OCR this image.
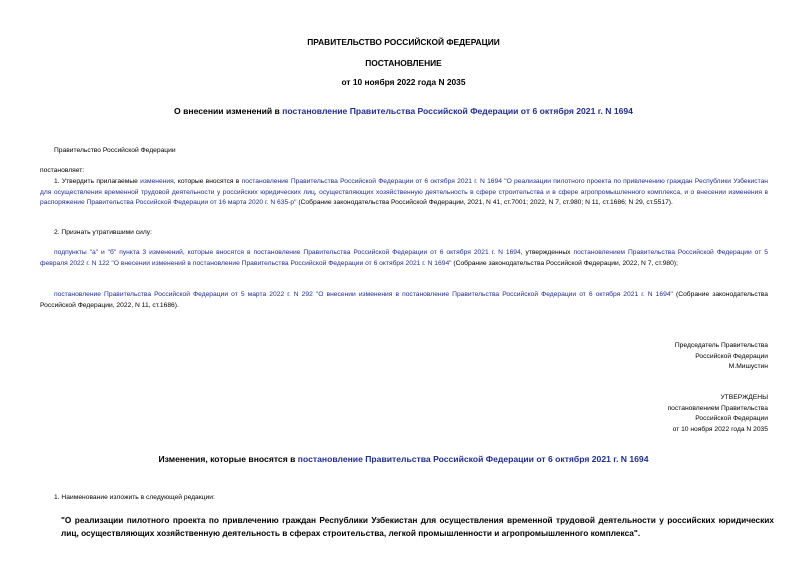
ПРАВИТЕЛЬСТВО РОССИЙСКОЙ ФЕДЕРАЦИИ
ПОСТАНОВЛЕНИЕ
от 10 ноября 2022 года N 2035
О внесении изменений в постановление Правительства Российской Федерации от 6 октября 2021 г. N 1694
Правительство Российской Федерации
постановляет:
1. Утвердить прилагаемые изменения, которые вносятся в постановление Правительства Российской Федерации от 6 октября 2021 г. N 1694 "О реализации пилотного проекта по привлечению граждан Республики Узбекистан для осуществления временной трудовой деятельности у российских юридических лиц, осуществляющих хозяйственную деятельность в сфере строительства и в сфере агропромышленного комплекса, и о внесении изменения в распоряжение Правительства Российской Федерации от 16 марта 2020 г. N 635-р" (Собрание законодательства Российской Федерации, 2021, N 41, ст.7001; 2022, N 7, ст.980; N 11, ст.1686; N 29, ст.5517).
2. Признать утратившими силу:
подпункты "а" и "б" пункта 3 изменений, которые вносятся в постановление Правительства Российской Федерации от 6 октября 2021 г. N 1694, утвержденных постановлением Правительства Российской Федерации от 5 февраля 2022 г. N 122 "О внесении изменений в постановление Правительства Российской Федерации от 6 октября 2021 г. N 1694" (Собрание законодательства Российской Федерации, 2022, N 7, ст.980);
постановление Правительства Российской Федерации от 5 марта 2022 г. N 292 "О внесении изменения в постановление Правительства Российской Федерации от 6 октября 2021 г. N 1694" (Собрание законодательства Российской Федерации, 2022, N 11, ст.1686).
Председатель Правительства
Российской Федерации
М.Мишустин
УТВЕРЖДЕНЫ
постановлением Правительства
Российской Федерации
от 10 ноября 2022 года N 2035
Изменения, которые вносятся в постановление Правительства Российской Федерации от 6 октября 2021 г. N 1694
1. Наименование изложить в следующей редакции:
"О реализации пилотного проекта по привлечению граждан Республики Узбекистан для осуществления временной трудовой деятельности у российских юридических лиц, осуществляющих хозяйственную деятельность в сферах строительства, легкой промышленности и агропромышленного комплекса".
